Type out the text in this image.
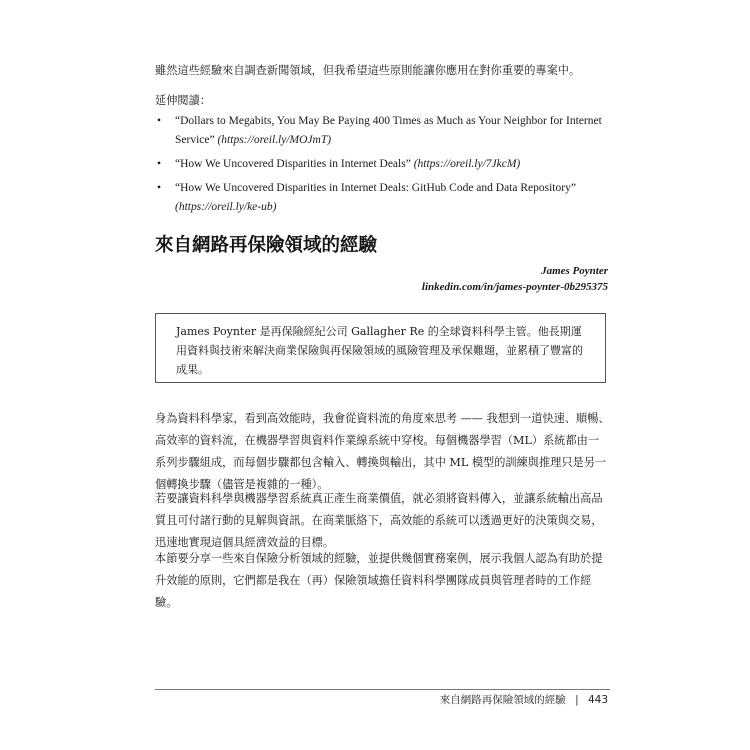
雖然這些經驗來自調查新聞領域，但我希望這些原則能讓你應用在對你重要的專案中。

延伸閱讀：

• “Dollars to Megabits, You May Be Paying 400 Times as Much as Your Neighbor for Internet Service” (https://oreil.ly/MOJmT)
• “How We Uncovered Disparities in Internet Deals” (https://oreil.ly/7JkcM)
• “How We Uncovered Disparities in Internet Deals: GitHub Code and Data Repository” (https://oreil.ly/ke-ub)
來自網路再保險領域的經驗
James Poynter
linkedin.com/in/james-poynter-0b295375
James Poynter 是再保險經紀公司 Gallagher Re 的全球資料科學主管。他長期運用資料與技術來解決商業保險與再保險領域的風險管理及承保難題，並累積了豐富的成果。

身為資料科學家，看到高效能時，我會從資料流的角度來思考 —— 我想到一道快速、順暢、高效率的資料流，在機器學習與資料作業線系統中穿梭。每個機器學習（ML）系統都由一系列步驟組成，而每個步驟都包含輸入、轉換與輸出，其中 ML 模型的訓練與推理只是另一個轉換步驟（儘管是複雜的一種）。

若要讓資料科學與機器學習系統真正產生商業價值，就必須將資料傳入，並讓系統輸出高品質且可付諸行動的見解與資訊。在商業脈絡下，高效能的系統可以透過更好的決策與交易，迅速地實現這個具經濟效益的目標。

本節要分享一些來自保險分析領域的經驗，並提供幾個實務案例，展示我個人認為有助於提升效能的原則，它們都是我在（再）保險領域擔任資料科學團隊成員與管理者時的工作經驗。

來自網路再保險領域的經驗 | 443
